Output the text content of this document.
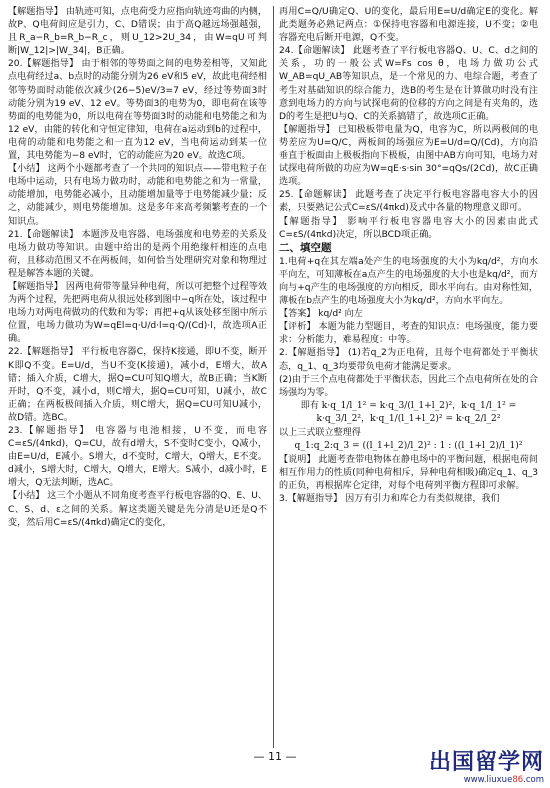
【解题指导】 由轨迹可知，点电荷受力应指向轨迹弯曲的内侧，故P、Q电荷间应是引力，C、D错误；由于高Q越远场强越强，且R_a−R_b=R_b−R_c，则U_12>2U_34，由W=qU可判断|W_12|>|W_34|，B正确。

20.【解题指导】 由于相邻的等势面之间的电势差相等，又知此点电荷经过a、b点时的动能分别为26 eV和5 eV，故此电荷经相邻等势面时动能依次减少(26−5)eV/3=7 eV，经过等势面3时动能分别为19 eV、12 eV。等势面3的电势为0，即电荷在该等势面的电势能为0，所以电荷在等势面3时的动能和电势能之和为12 eV，由能的转化和守恒定律知，电荷在a运动到b的过程中，电荷的动能和电势能之和一直为12 eV，当电荷运动到某一位置，其电势能为−8 eV时，它的动能应为20 eV。故选C项。

【小结】 这两个小题都考查了一个共同的知识点——带电粒子在电场中运动，只有电场力做功时，动能和电势能之和为一常量，动能增加，电势能必减小，且动能增加量等于电势能减少量；反之，动能减少，则电势能增加。这是多年来高考频繁考查的一个知识点。

21.【命题解读】 本题涉及电容器、电场强度和电势差的关系及电场力做功等知识。由题中给出的是两个用绝缘杆相连的点电荷，且移动范围又不在两板间，如何恰当处理研究对象和物理过程是解答本题的关键。

【解题指导】 因两电荷带等量异种电荷，所以可把整个过程等效为两个过程，先把两电荷从很远处移到图中−q所在处，该过程中电场力对两电荷做功的代数和为零；再把+q从该处移至图中所示位置，电场力做功为W=qEl=q·U/d·l=q·Q/(Cd)·l，故选项A正确。

22.【解题指导】 平行板电容器C，保持K接通，即U不变，断开K即Q不变。E=U/d，当U不变(K接通)，减小d，E增大，故A错；插入介质，C增大，据Q=CU可知Q增大，故B正确；当K断开时，Q不变，减小d，则C增大，据Q=CU可知，U减小，故C正确；在两板极间插入介质，则C增大，据Q=CU可知U减小，故D错。选BC。

23.【解题指导】 电容器与电池相接，U不变，而电容C=εS/(4πkd)，Q=CU，故有d增大，S不变时C变小，Q减小，由E=U/d，E减小。S增大，d不变时，C增大，Q增大，E不变。d减小，S增大时，C增大，Q增大，E增大。S减小，d减小时，E增大，Q无法判断，选AC。

【小结】 这三个小题从不同角度考查平行板电容器的Q、E、U、C、S、d、ε之间的关系。解这类题关键是先分清是U还是Q不变，然后用C=εS/(4πkd)确定C的变化，

再用C=Q/U确定Q、U的变化，最后用E=U/d确定E的变化。解此类题务必熟记两点：①保持电容器和电源连接，U不变；②电容器充电后断开电源，Q不变。

24.【命题解读】 此题考查了平行板电容器Q、U、C、d之间的关系，功的一般公式W=Fs cos θ，电场力做功公式W_AB=qU_AB等知识点，是一个常见的力、电综合题，考查了考生对基础知识的综合能力，选B的考生是在计算做功时没有注意到电场力的方向与试探电荷的位移的方向之间是有夹角的，选D的考生是把U与Q、C的关系搞错了，故选项C正确。

【解题指导】 已知极板带电量为Q，电容为C，所以两极间的电势差应为U=Q/C，两板间的场强应为E=U/d=Q/(Cd)，方向沿垂直于板面由上极板指向下极板，由图中AB方向可知，电场力对试探电荷所做的功应为W=qE·s·sin 30°=qQs/(2Cd)，故C正确选项。

25.【命题解读】 此题考查了决定平行板电容器电容大小的因素，只要熟记公式C=εS/(4πkd)及式中各量的物理意义即可。

【解题指导】 影响平行板电容器电容大小的因素由此式C=εS/(4πkd)决定，所以BCD项正确。

二、填空题

1.电荷+q在其左端a处产生的电场强度的大小为kq/d²，方向水平向左，可知薄板在a点产生的电场强度的大小也是kq/d²，而方向与+q产生的电场强度的方向相反，即水平向右。由对称性知，薄板在b点产生的电场强度大小为kq/d²，方向水平向左。

【答案】 kq/d² 向左

【评析】 本题为能力型题目，考查的知识点：电场强度，能力要求：分析能力，难易程度：中等。

2.【解题指导】 (1)若q_2为正电荷，且每个电荷都处于平衡状态，q_1、q_3均要带负电荷才能满足要求。

(2)由于三个点电荷都处于平衡状态，因此三个点电荷所在处的合场强均为零。

即有 k·q_1/l_1² = k·q_3/(l_1+l_2)²，k·q_1/l_1² = k·q_3/l_2²，k·q_1/(l_1+l_2)² = k·q_2/l_2²

以上三式联立整理得

q_1:q_2:q_3 = ((l_1+l_2)/l_2)² : 1 : ((l_1+l_2)/l_1)²

【说明】 此题考查带电物体在静电场中的平衡问题，根据电荷间相互作用力的性质(同种电荷相斥，异种电荷相吸)确定q_1、q_3的正负，再根据库仑定律，对每个电荷列平衡方程即可求解。

3.【解题指导】 因万有引力和库仑力有类似规律，我们

— 11 —	出国留学网
www.liuxue86.com
